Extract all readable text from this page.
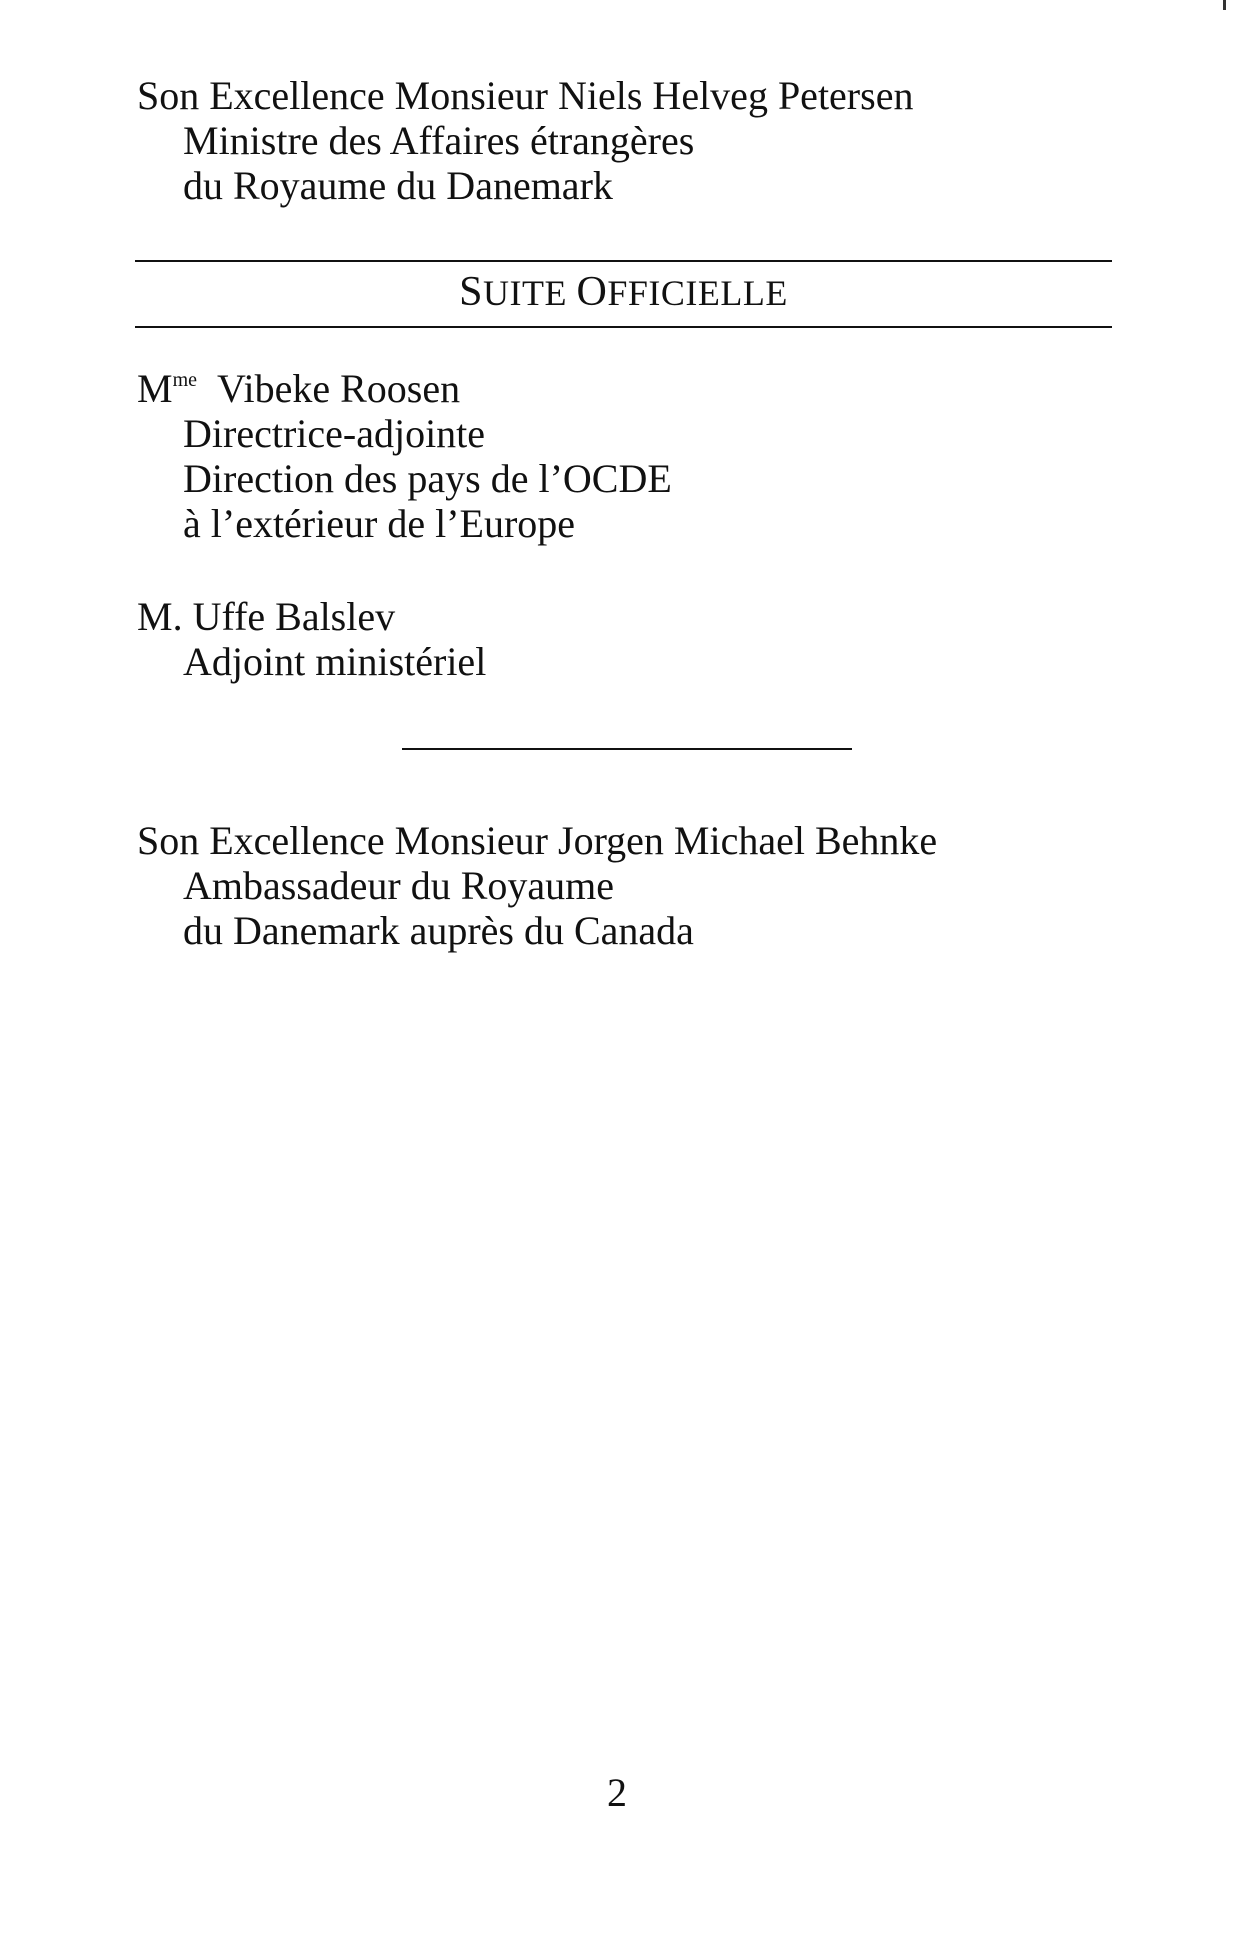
Son Excellence Monsieur Niels Helveg Petersen
Ministre des Affaires étrangères
du Royaume du Danemark
SUITE OFFICIELLE
$M^{me}$ Vibeke Roosen
Directrice-adjointe
Direction des pays de l’OCDE
à l’extérieur de l’Europe
M. Uffe Balslev
Adjoint ministériel
Son Excellence Monsieur Jorgen Michael Behnke
Ambassadeur du Royaume
du Danemark auprès du Canada
2
